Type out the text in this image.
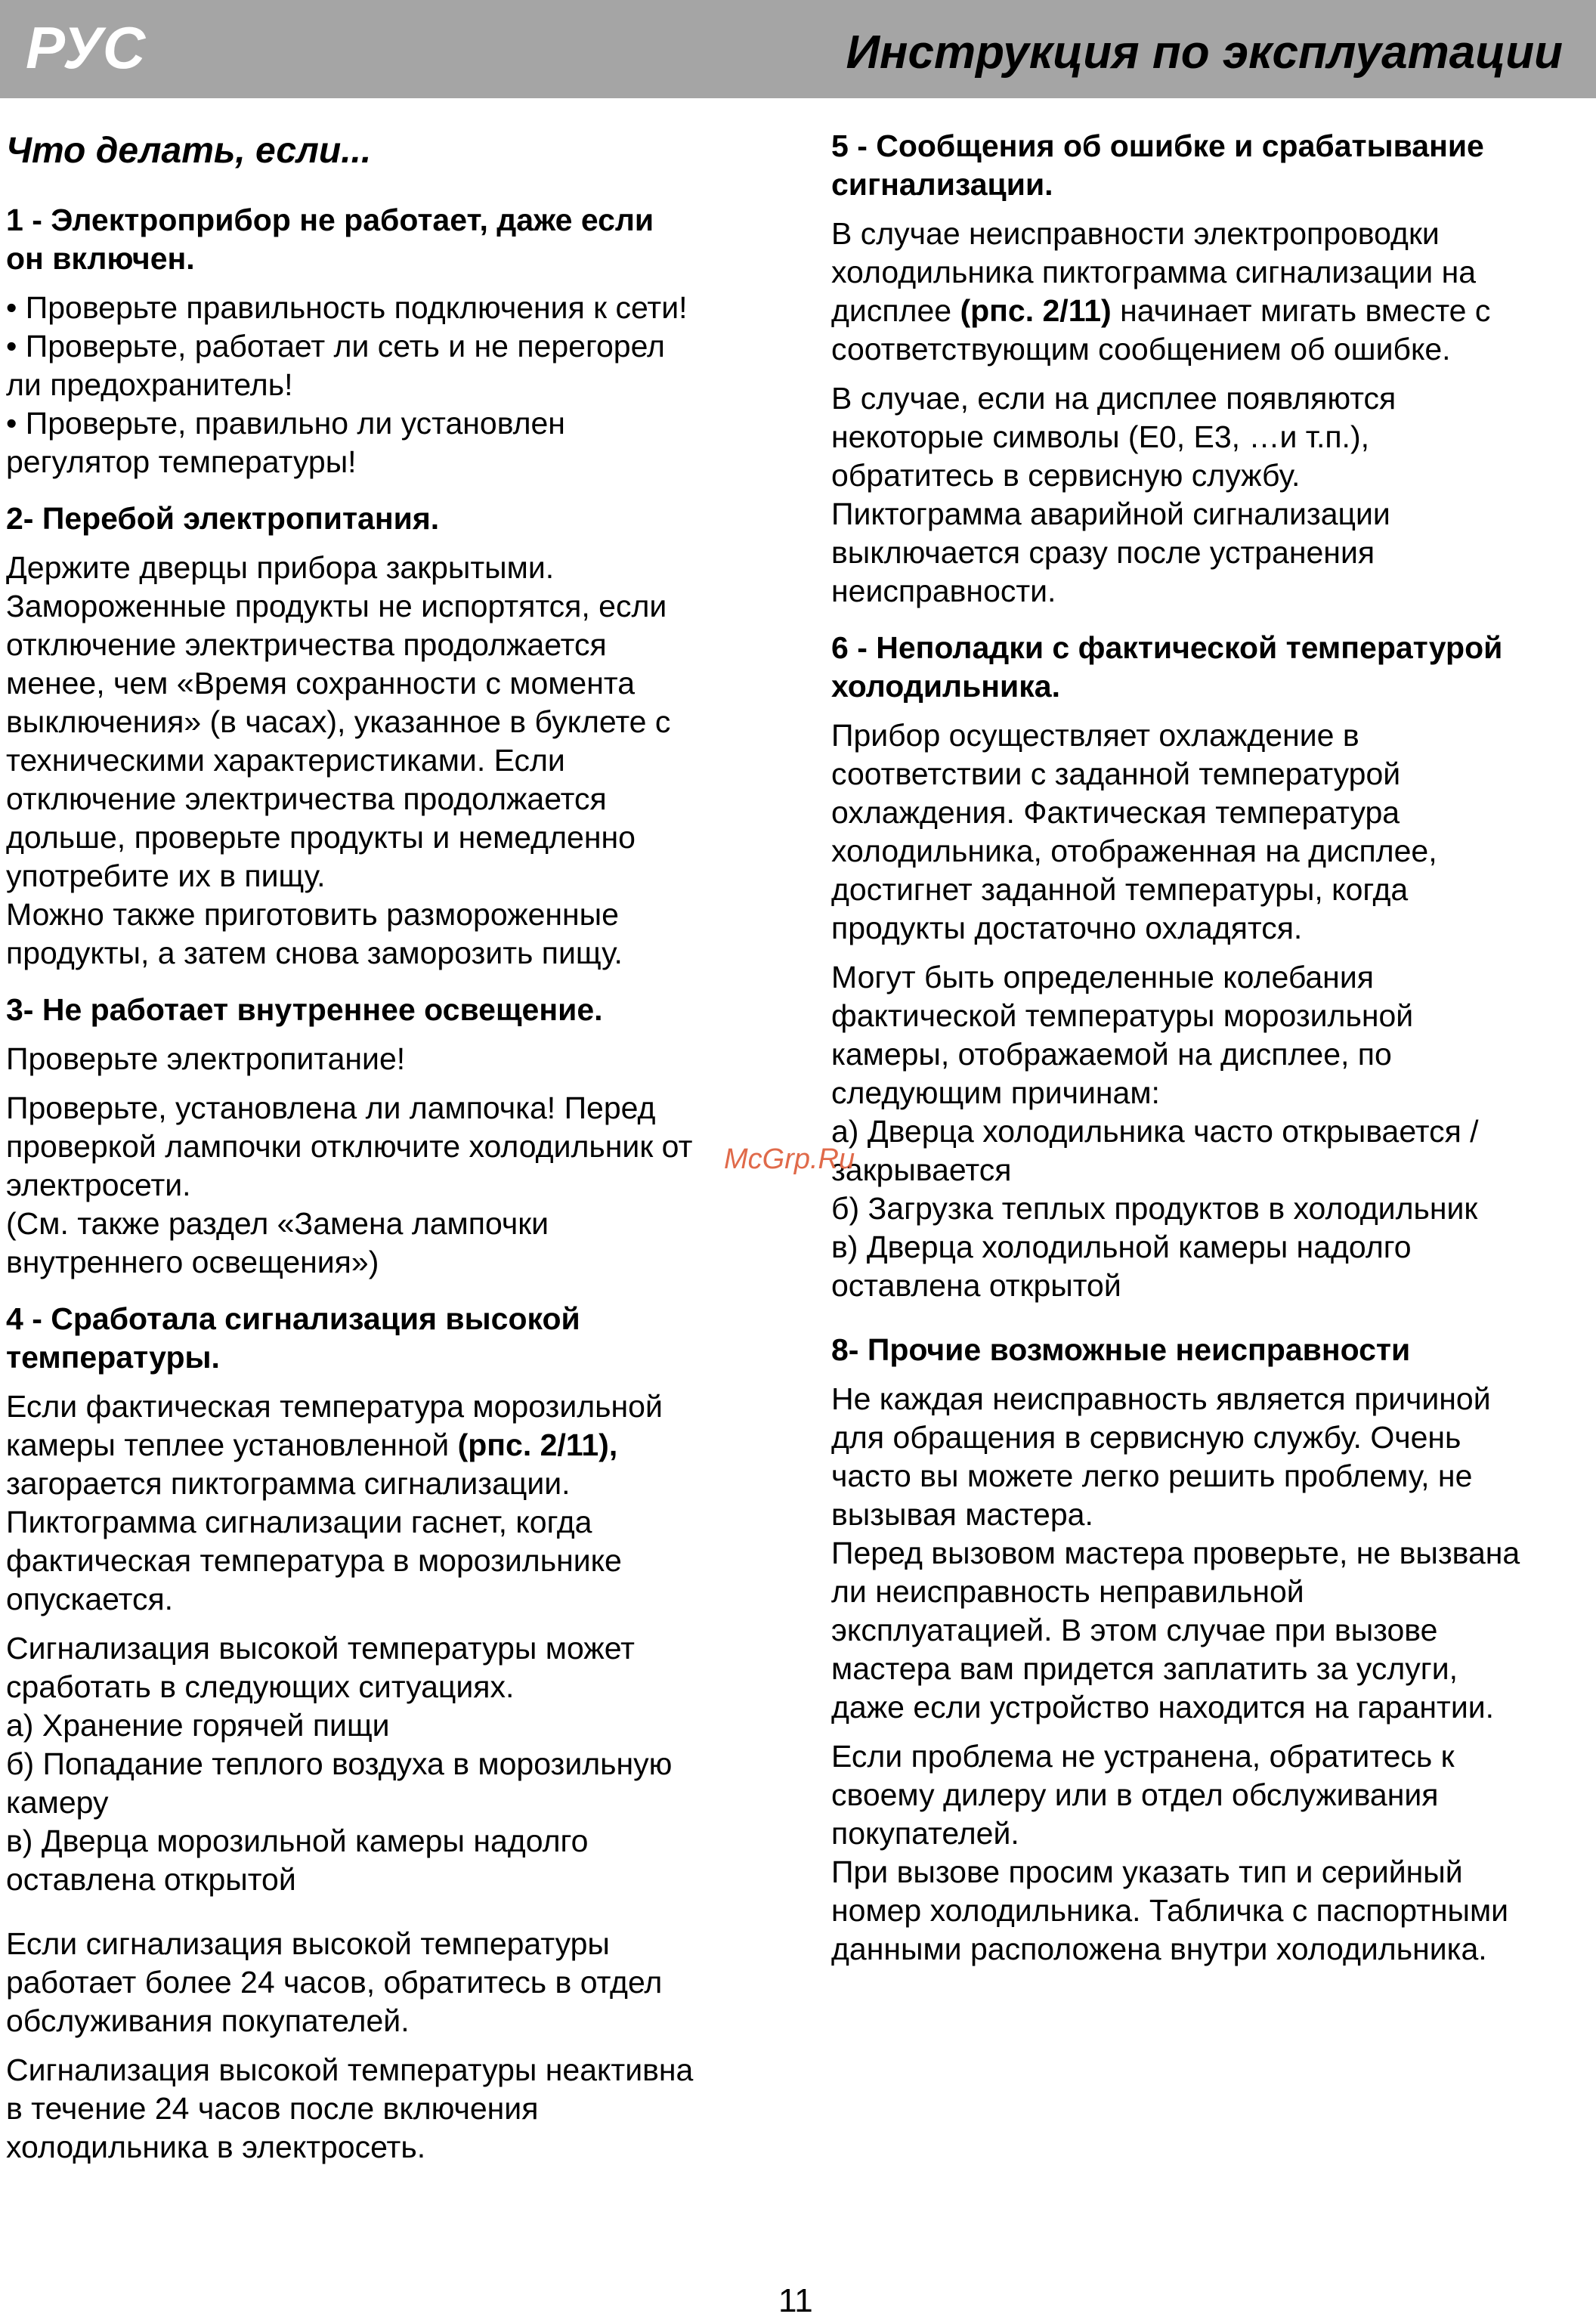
РУС	Инструкция по эксплуатации
Что делать, если...
1 - Электроприбор не работает, даже если
он включен.
• Проверьте правильность подключения к сети!
• Проверьте, работает ли сеть и не перегорел
ли предохранитель!
• Проверьте, правильно ли установлен
регулятор температуры!
2- Перебой электропитания.
Держите дверцы прибора закрытыми.
Замороженные продукты не испортятся, если
отключение электричества продолжается
менее, чем «Время сохранности с момента
выключения» (в часах), указанное в буклете с
техническими характеристиками. Если
отключение электричества продолжается
дольше, проверьте продукты и немедленно
употребите их в пищу.
Можно также приготовить размороженные
продукты, а затем снова заморозить пищу.
3- Не работает внутреннее освещение.
Проверьте электропитание!
Проверьте, установлена ли лампочка! Перед
проверкой лампочки отключите холодильник от
электросети.
(См. также раздел «Замена лампочки
внутреннего освещения»)
4 - Сработала сигнализация высокой
температуры.
Если фактическая температура морозильной
камеры теплее установленной (рпс. 2/11),
загорается пиктограмма сигнализации.
Пиктограмма сигнализации гаснет, когда
фактическая температура в морозильнике
опускается.
Сигнализация высокой температуры может
сработать в следующих ситуациях.
а) Хранение горячей пищи
б) Попадание теплого воздуха в морозильную
камеру
в) Дверца морозильной камеры надолго
оставлена открытой
Если сигнализация высокой температуры
работает более 24 часов, обратитесь в отдел
обслуживания покупателей.
Сигнализация высокой температуры неактивна
в течение 24 часов после включения
холодильника в электросеть.
5 - Сообщения об ошибке и срабатывание
сигнализации.
В случае неисправности электропроводки
холодильника пиктограмма сигнализации на
дисплее (рпс. 2/11) начинает мигать вместе с
соответствующим сообщением об ошибке.
В случае, если на дисплее появляются
некоторые символы (Е0, Е3, …и т.п.),
обратитесь в сервисную службу.
Пиктограмма аварийной сигнализации
выключается сразу после устранения
неисправности.
6 - Неполадки с фактической температурой
холодильника.
Прибор осуществляет охлаждение в
соответствии с заданной температурой
охлаждения. Фактическая температура
холодильника, отображенная на дисплее,
достигнет заданной температуры, когда
продукты достаточно охладятся.
Могут быть определенные колебания
фактической температуры морозильной
камеры, отображаемой на дисплее, по
следующим причинам:
а) Дверца холодильника часто открывается /
закрывается
б) Загрузка теплых продуктов в холодильник
в) Дверца холодильной камеры надолго
оставлена открытой
8- Прочие возможные неисправности
Не каждая неисправность является причиной
для обращения в сервисную службу. Очень
часто вы можете легко решить проблему, не
вызывая мастера.
Перед вызовом мастера проверьте, не вызвана
ли неисправность неправильной
эксплуатацией. В этом случае при вызове
мастера вам придется заплатить за услуги,
даже если устройство находится на гарантии.
Если проблема не устранена, обратитесь к
своему дилеру или в отдел обслуживания
покупателей.
При вызове просим указать тип и серийный
номер холодильника. Табличка с паспортными
данными расположена внутри холодильника.
McGrp.Ru
11
